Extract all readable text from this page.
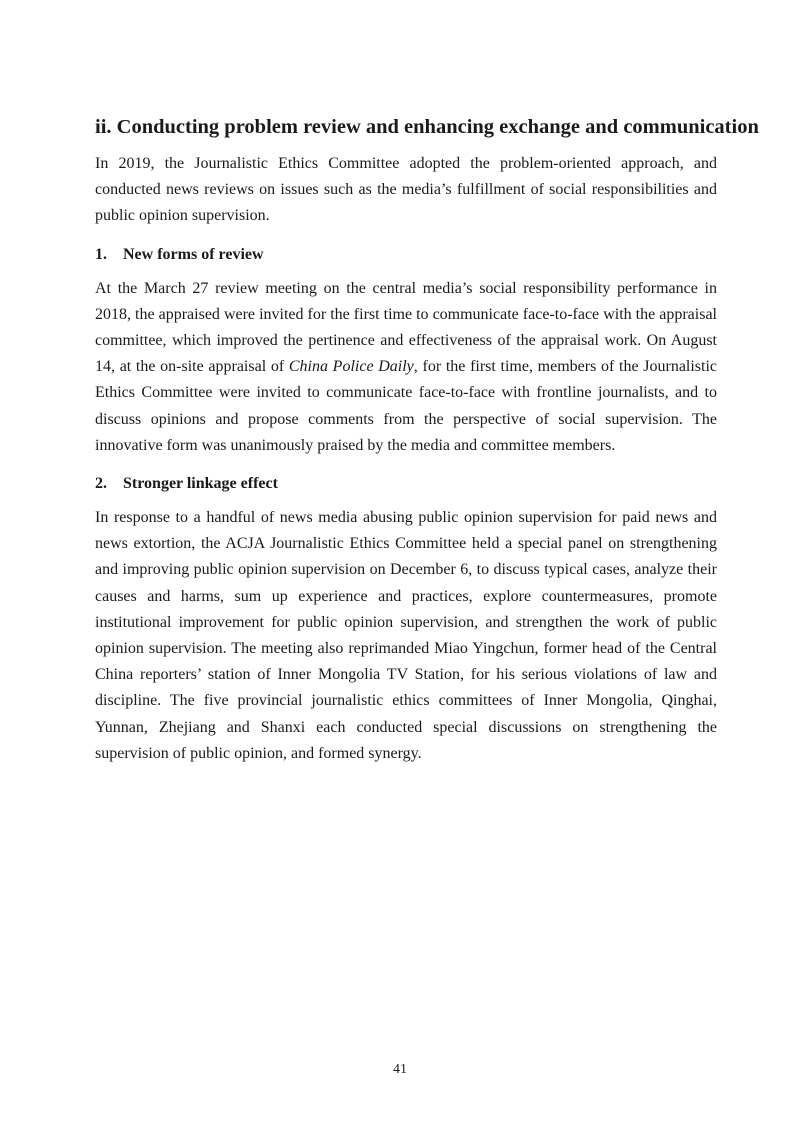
ii. Conducting problem review and enhancing exchange and communication

In 2019, the Journalistic Ethics Committee adopted the problem-oriented approach, and conducted news reviews on issues such as the media’s fulfillment of social responsibilities and public opinion supervision.

1.	New forms of review

At the March 27 review meeting on the central media’s social responsibility performance in 2018, the appraised were invited for the first time to communicate face-to-face with the appraisal committee, which improved the pertinence and effectiveness of the appraisal work. On August 14, at the on-site appraisal of China Police Daily, for the first time, members of the Journalistic Ethics Committee were invited to communicate face-to-face with frontline journalists, and to discuss opinions and propose comments from the perspective of social supervision. The innovative form was unanimously praised by the media and committee members.

2.	Stronger linkage effect

In response to a handful of news media abusing public opinion supervision for paid news and news extortion, the ACJA Journalistic Ethics Committee held a special panel on strengthening and improving public opinion supervision on December 6, to discuss typical cases, analyze their causes and harms, sum up experience and practices, explore countermeasures, promote institutional improvement for public opinion supervision, and strengthen the work of public opinion supervision. The meeting also reprimanded Miao Yingchun, former head of the Central China reporters’ station of Inner Mongolia TV Station, for his serious violations of law and discipline. The five provincial journalistic ethics committees of Inner Mongolia, Qinghai, Yunnan, Zhejiang and Shanxi each conducted special discussions on strengthening the supervision of public opinion, and formed synergy.

41
